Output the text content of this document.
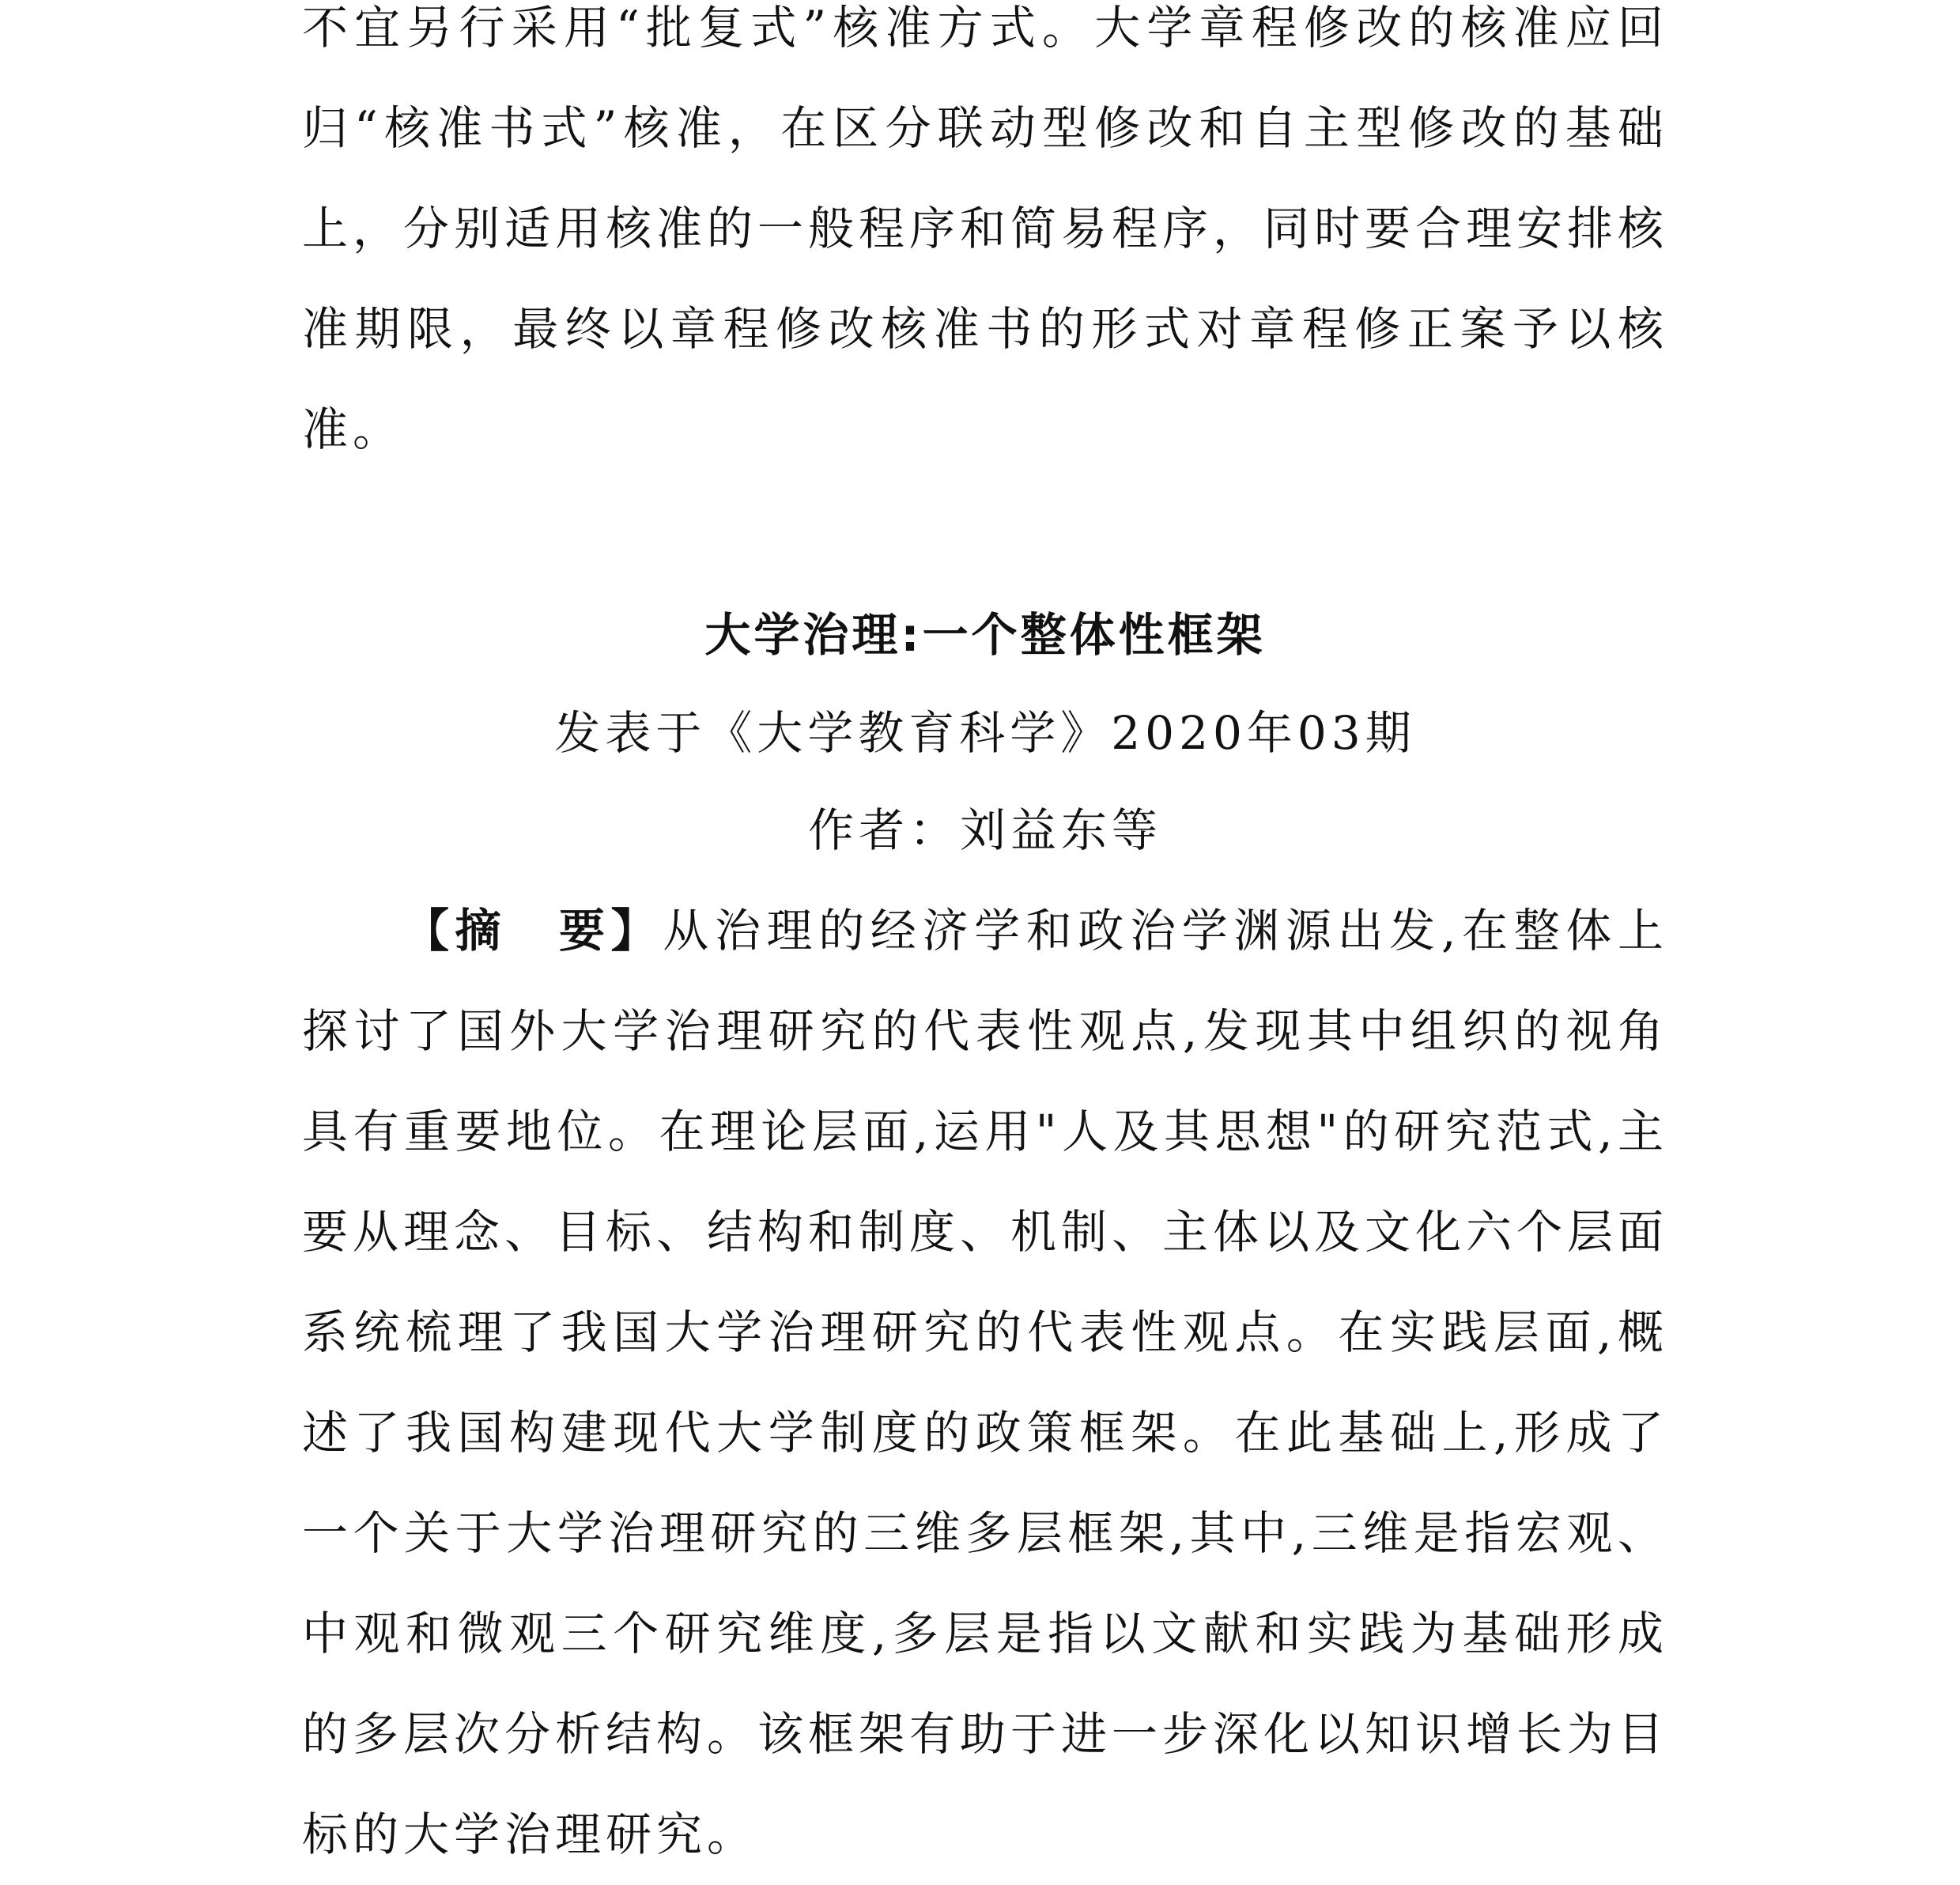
不宜另行采用“批复式”核准方式。大学章程修改的核准应回归“核准书式”核准，在区分联动型修改和自主型修改的基础上，分别适用核准的一般程序和简易程序，同时要合理安排核准期限，最终以章程修改核准书的形式对章程修正案予以核准。

大学治理:一个整体性框架

发表于《大学教育科学》2020年03期

作者：刘益东等

【摘　要】从治理的经济学和政治学渊源出发,在整体上探讨了国外大学治理研究的代表性观点,发现其中组织的视角具有重要地位。在理论层面,运用"人及其思想"的研究范式,主要从理念、目标、结构和制度、机制、主体以及文化六个层面系统梳理了我国大学治理研究的代表性观点。在实践层面,概述了我国构建现代大学制度的政策框架。在此基础上,形成了一个关于大学治理研究的三维多层框架,其中,三维是指宏观、中观和微观三个研究维度,多层是指以文献和实践为基础形成的多层次分析结构。该框架有助于进一步深化以知识增长为目标的大学治理研究。
